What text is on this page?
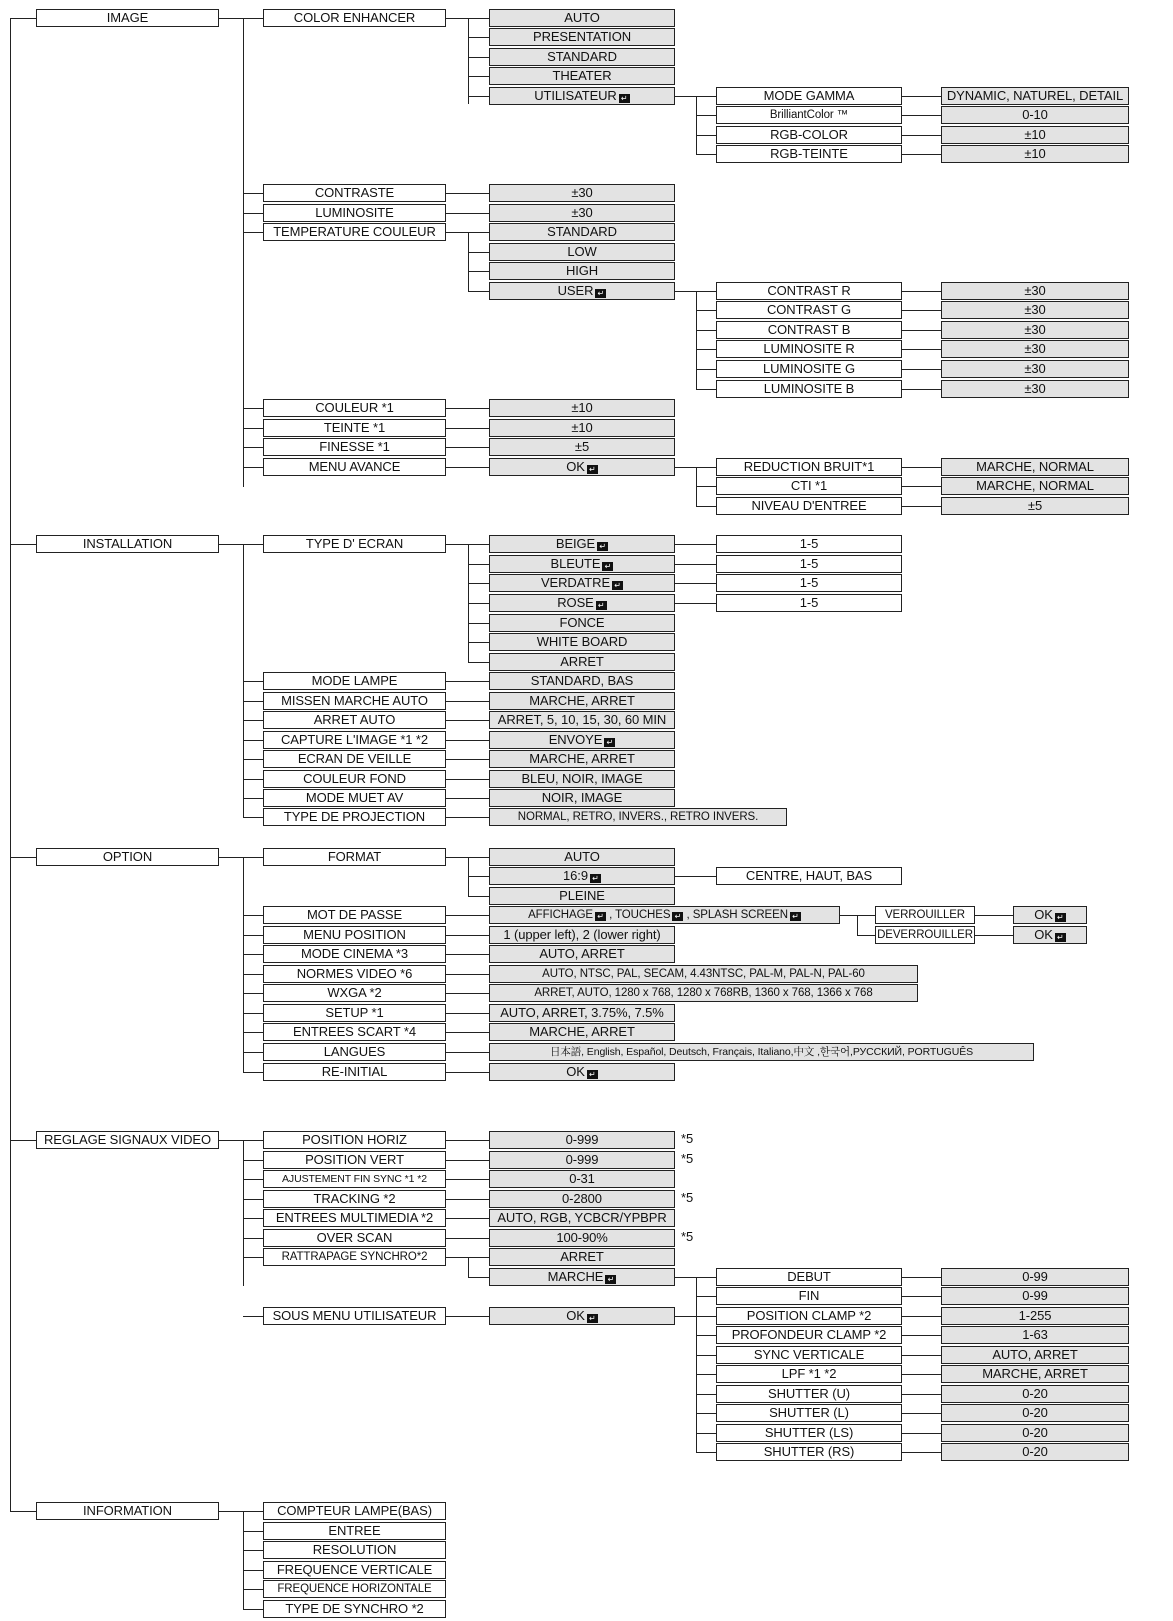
IMAGE
INSTALLATION
OPTION
REGLAGE SIGNAUX VIDEO
INFORMATION
COLOR ENHANCER	AUTO
PRESENTATION
STANDARD
THEATER
UTILISATEUR ↵	MODE GAMMA	DYNAMIC, NATUREL, DETAIL
BrilliantColor ™	0-10
RGB-COLOR	±10
RGB-TEINTE	±10
CONTRASTE	±30
LUMINOSITE	±30
TEMPERATURE COULEUR	STANDARD
LOW
HIGH
USER ↵	CONTRAST R	±30
CONTRAST G	±30
CONTRAST B	±30
LUMINOSITE R	±30
LUMINOSITE G	±30
LUMINOSITE B	±30
COULEUR *1	±10
TEINTE *1	±10
FINESSE *1	±5
MENU AVANCE	OK ↵	REDUCTION BRUIT*1	MARCHE, NORMAL
CTI *1	MARCHE, NORMAL
NIVEAU D'ENTREE	±5
TYPE D' ECRAN	BEIGE ↵	1-5
BLEUTE ↵	1-5
VERDATRE ↵	1-5
ROSE ↵	1-5
FONCE
WHITE BOARD
ARRET
MODE LAMPE	STANDARD, BAS
MISSEN MARCHE AUTO	MARCHE, ARRET
ARRET AUTO	ARRET, 5, 10, 15, 30, 60 MIN
CAPTURE L'IMAGE *1 *2	ENVOYE↵
ECRAN DE VEILLE	MARCHE, ARRET
COULEUR FOND	BLEU, NOIR, IMAGE
MODE MUET AV	NOIR, IMAGE
TYPE DE PROJECTION	NORMAL, RETRO, INVERS., RETRO INVERS.
FORMAT	AUTO
16:9↵
PLEINE
CENTRE, HAUT, BAS
MOT DE PASSE	AFFICHAGE↵ , TOUCHES↵ , SPLASH SCREEN ↵	VERROUILLER	OK↵
DEVERROUILLER	OK↵
MENU POSITION	1 (upper left), 2 (lower right)
MODE CINEMA *3	AUTO, ARRET
NORMES VIDEO *6	AUTO, NTSC, PAL, SECAM, 4.43NTSC, PAL-M, PAL-N, PAL-60
WXGA *2	ARRET, AUTO, 1280 x 768, 1280 x 768RB, 1360 x 768, 1366 x 768
SETUP *1	AUTO, ARRET, 3.75%, 7.5%
ENTREES SCART *4	MARCHE, ARRET
LANGUES	日本語, English, Español, Deutsch, Français, Italiano,中文 ,한국어,РУССКИЙ, PORTUGUÊS
RE-INITIAL	OK↵
POSITION HORIZ	0-999	*5
POSITION VERT	0-999	*5
AJUSTEMENT FIN SYNC *1 *2	0-31
TRACKING *2	0-2800	*5
ENTREES MULTIMEDIA *2	AUTO, RGB, YCBCR/YPBPR
OVER SCAN	100-90%	*5
RATTRAPAGE SYNCHRO*2	ARRET
MARCHE ↵	DEBUT	0-99
FIN	0-99
SOUS MENU UTILISATEUR	OK ↵	POSITION CLAMP *2	1-255
PROFONDEUR CLAMP *2	1-63
SYNC VERTICALE	AUTO, ARRET
LPF *1 *2	MARCHE, ARRET
SHUTTER (U)	0-20
SHUTTER (L)	0-20
SHUTTER (LS)	0-20
SHUTTER (RS)	0-20
COMPTEUR LAMPE(BAS)
ENTREE
RESOLUTION
FREQUENCE VERTICALE
FREQUENCE HORIZONTALE
TYPE DE SYNCHRO *2
